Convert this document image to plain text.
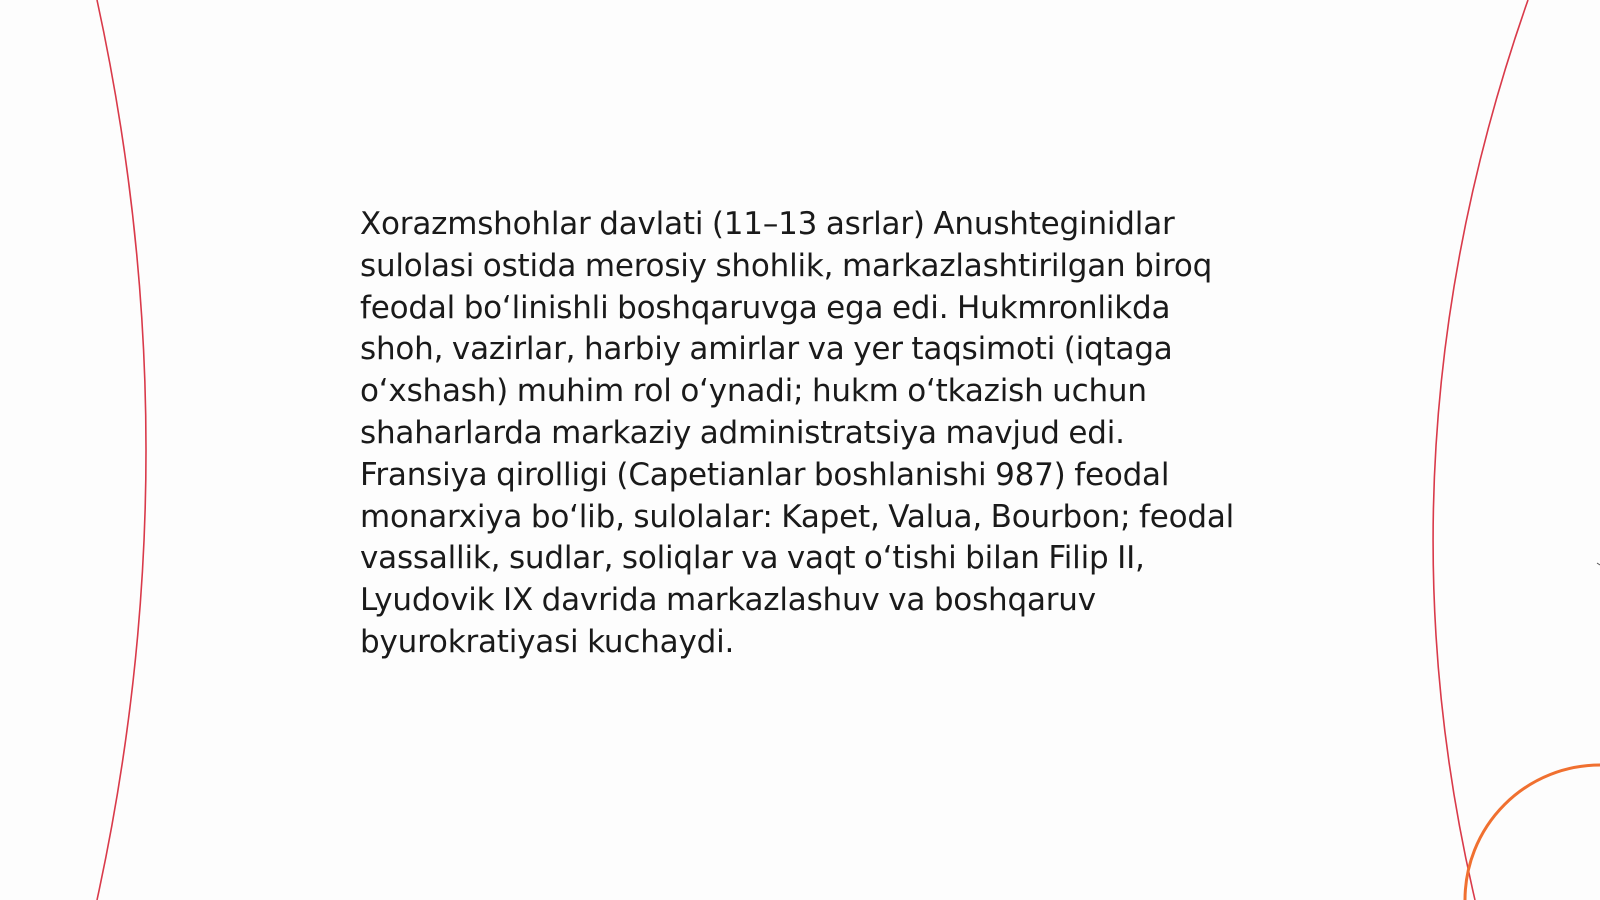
Xorazmshohlar davlati (11–13 asrlar) Anushteginidlar sulolasi ostida merosiy shohlik, markazlashtirilgan biroq feodal boʻlinishli boshqaruvga ega edi. Hukmronlikda shoh, vazirlar, harbiy amirlar va yer taqsimoti (iqtaga oʻxshash) muhim rol oʻynadi; hukm oʻtkazish uchun shaharlarda markaziy administratsiya mavjud edi. Fransiya qirolligi (Capetianlar boshlanishi 987) feodal monarxiya boʻlib, sulolalar: Kapet, Valua, Bourbon; feodal vassallik, sudlar, soliqlar va vaqt oʻtishi bilan Filip II, Lyudovik IX davrida markazlashuv va boshqaruv byurokratiyasi kuchaydi.
